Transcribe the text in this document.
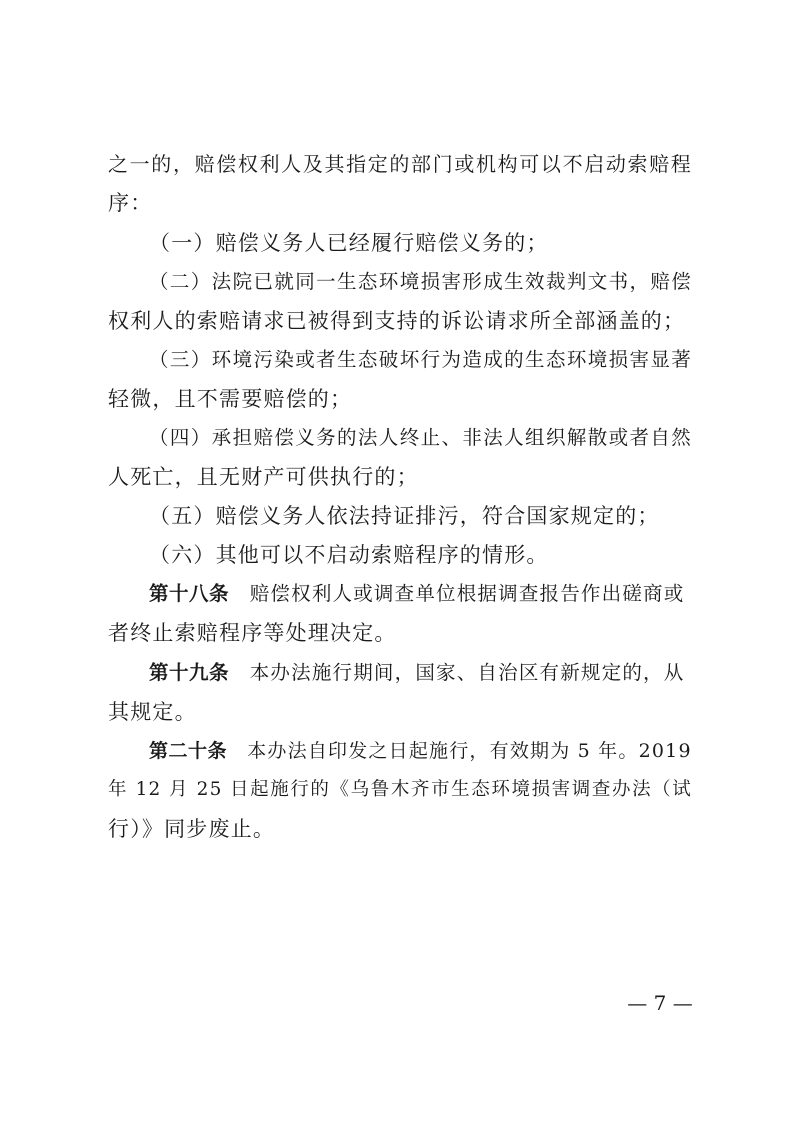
之一的，赔偿权利人及其指定的部门或机构可以不启动索赔程
序：
（一）赔偿义务人已经履行赔偿义务的；
（二）法院已就同一生态环境损害形成生效裁判文书，赔偿
权利人的索赔请求已被得到支持的诉讼请求所全部涵盖的；
（三）环境污染或者生态破坏行为造成的生态环境损害显著
轻微，且不需要赔偿的；
（四）承担赔偿义务的法人终止、非法人组织解散或者自然
人死亡，且无财产可供执行的；
（五）赔偿义务人依法持证排污，符合国家规定的；
（六）其他可以不启动索赔程序的情形。
第十八条  赔偿权利人或调查单位根据调查报告作出磋商或
者终止索赔程序等处理决定。
第十九条  本办法施行期间，国家、自治区有新规定的，从
其规定。
第二十条  本办法自印发之日起施行，有效期为 5 年。2019
年 12 月 25 日起施行的《乌鲁木齐市生态环境损害调查办法（试
行）》同步废止。
— 7 —
